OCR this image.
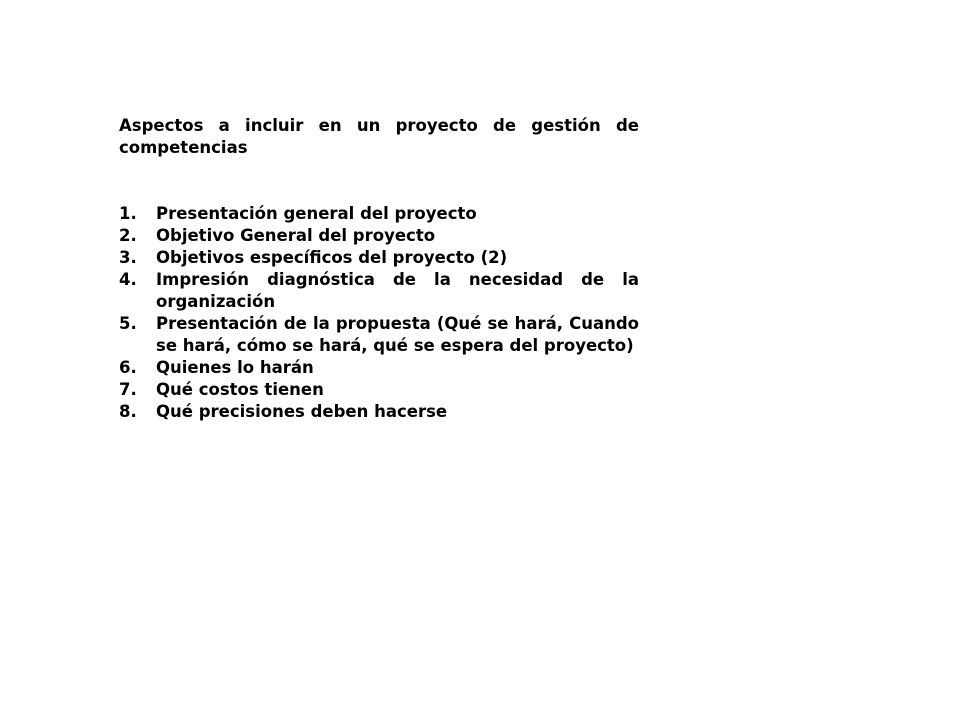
Aspectos a incluir en un proyecto de gestión de competencias

1.	Presentación general del proyecto
2.	Objetivo General del proyecto
3.	Objetivos específicos del proyecto (2)
4.	Impresión diagnóstica de la necesidad de la organización
5.	Presentación de la propuesta (Qué se hará, Cuando se hará, cómo se hará, qué se espera del proyecto)
6.	Quienes lo harán
7.	Qué costos tienen
8.	Qué precisiones deben hacerse
